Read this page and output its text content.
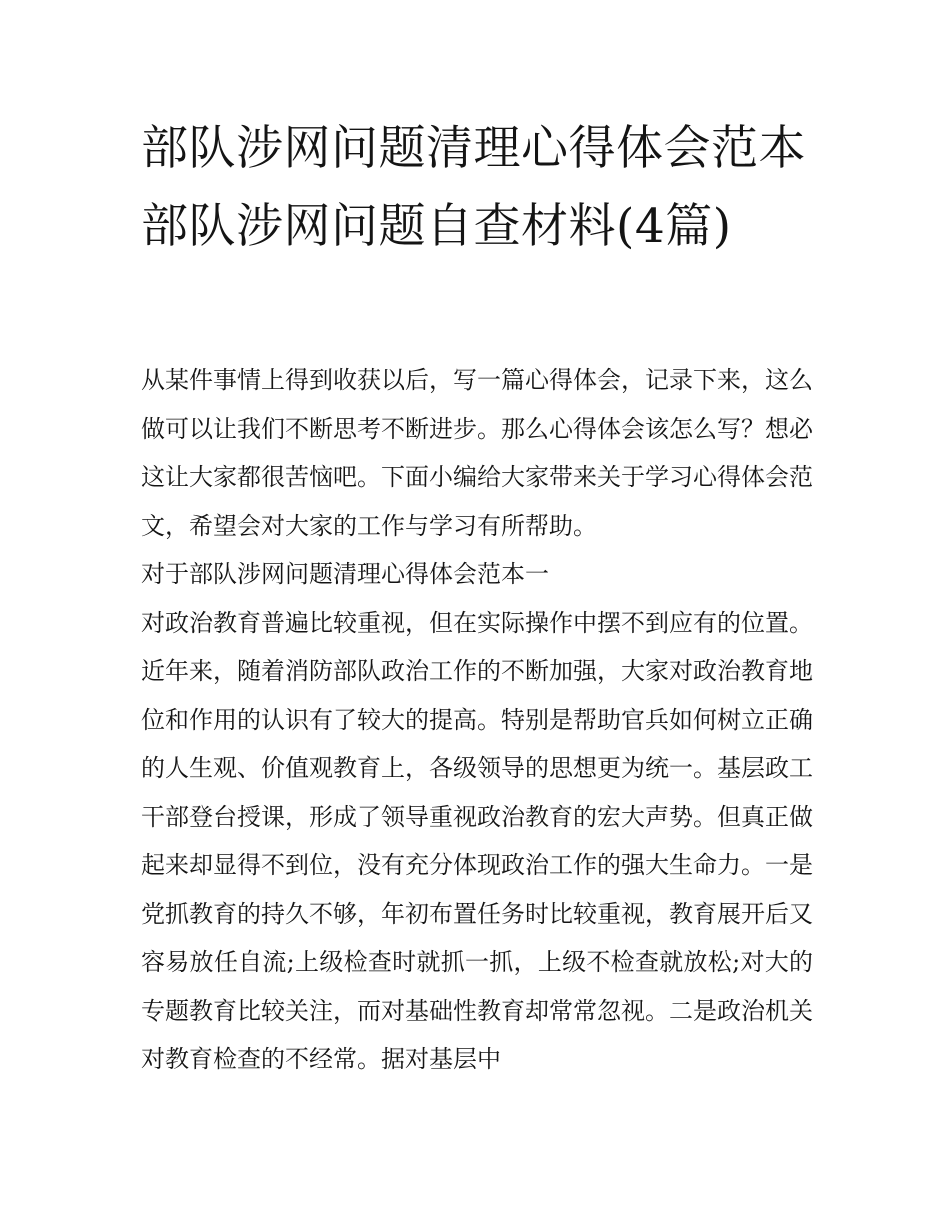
部队涉网问题清理心得体会范本 部队涉网问题自查材料(4篇)

从某件事情上得到收获以后，写一篇心得体会，记录下来，这么做可以让我们不断思考不断进步。那么心得体会该怎么写？想必这让大家都很苦恼吧。下面小编给大家带来关于学习心得体会范文，希望会对大家的工作与学习有所帮助。

对于部队涉网问题清理心得体会范本一

对政治教育普遍比较重视，但在实际操作中摆不到应有的位置。近年来，随着消防部队政治工作的不断加强，大家对政治教育地位和作用的认识有了较大的提高。特别是帮助官兵如何树立正确的人生观、价值观教育上，各级领导的思想更为统一。基层政工干部登台授课，形成了领导重视政治教育的宏大声势。但真正做起来却显得不到位，没有充分体现政治工作的强大生命力。一是党抓教育的持久不够，年初布置任务时比较重视，教育展开后又容易放任自流;上级检查时就抓一抓，上级不检查就放松;对大的专题教育比较关注，而对基础性教育却常常忽视。二是政治机关对教育检查的不经常。据对基层中
